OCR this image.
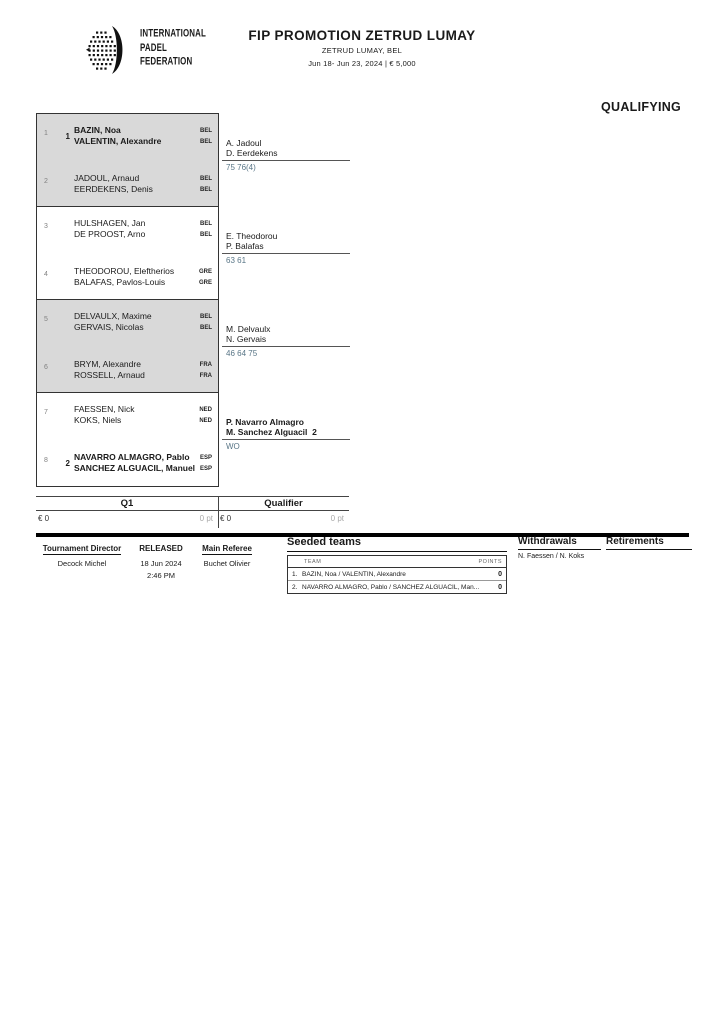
INTERNATIONAL
PADEL
FEDERATION
FIP PROMOTION ZETRUD LUMAY
ZETRUD LUMAY, BEL
Jun 18- Jun 23, 2024 | € 5,000
QUALIFYING
1	1
BAZIN, Noa
VALENTIN, Alexandre
BEL
BEL
2	JADOUL, Arnaud
EERDEKENS, Denis
BEL
BEL
3	HULSHAGEN, Jan
DE PROOST, Arno
BEL
BEL
4	THEODOROU, Eleftherios
BALAFAS, Pavlos-Louis
GRE
GRE
5	DELVAULX, Maxime
GERVAIS, Nicolas
BEL
BEL
6	BRYM, Alexandre
ROSSELL, Arnaud
FRA
FRA
7	FAESSEN, Nick
KOKS, Niels
NED
NED
8	2
NAVARRO ALMAGRO, Pablo
SANCHEZ ALGUACIL, Manuel
ESP
ESP
A. Jadoul
D. Eerdekens
75 76(4)
E. Theodorou
P. Balafas
63 61
M. Delvaulx
N. Gervais
46 64 75
P. Navarro Almagro
M. Sanchez Alguacil  2
WO
Q1	Qualifier
€ 0	0 pt € 0	0 pt
Tournament Director
Decock Michel
RELEASED
18 Jun 2024
2:46 PM
Main Referee
Buchet Olivier
Seeded teams
TEAM	POINTS
1. BAZIN, Noa / VALENTIN, Alexandre	0
2. NAVARRO ALMAGRO, Pablo / SANCHEZ ALGUACIL, Man...	0
Withdrawals
N. Faessen / N. Koks
Retirements
